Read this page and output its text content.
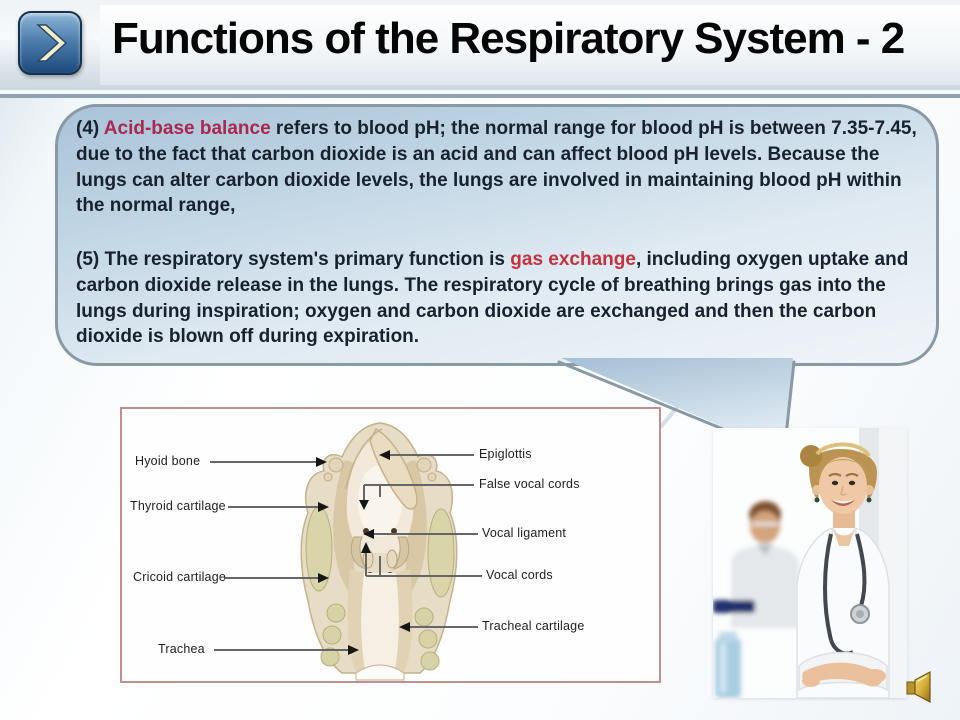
Functions of the Respiratory System - 2

(4) Acid-base balance refers to blood pH; the normal range for blood pH is between 7.35-7.45, due to the fact that carbon dioxide is an acid and can affect blood pH levels. Because the lungs can alter carbon dioxide levels, the lungs are involved in maintaining blood pH within the normal range,

(5) The respiratory system's primary function is gas exchange, including oxygen uptake and carbon dioxide release in the lungs. The respiratory cycle of breathing brings gas into the lungs during inspiration; oxygen and carbon dioxide are exchanged and then the carbon dioxide is blown off during expiration.

Hyoid bone
Thyroid cartilage
Cricoid cartilage
Trachea
Epiglottis
False vocal cords
Vocal ligament
Vocal cords
Tracheal cartilage
